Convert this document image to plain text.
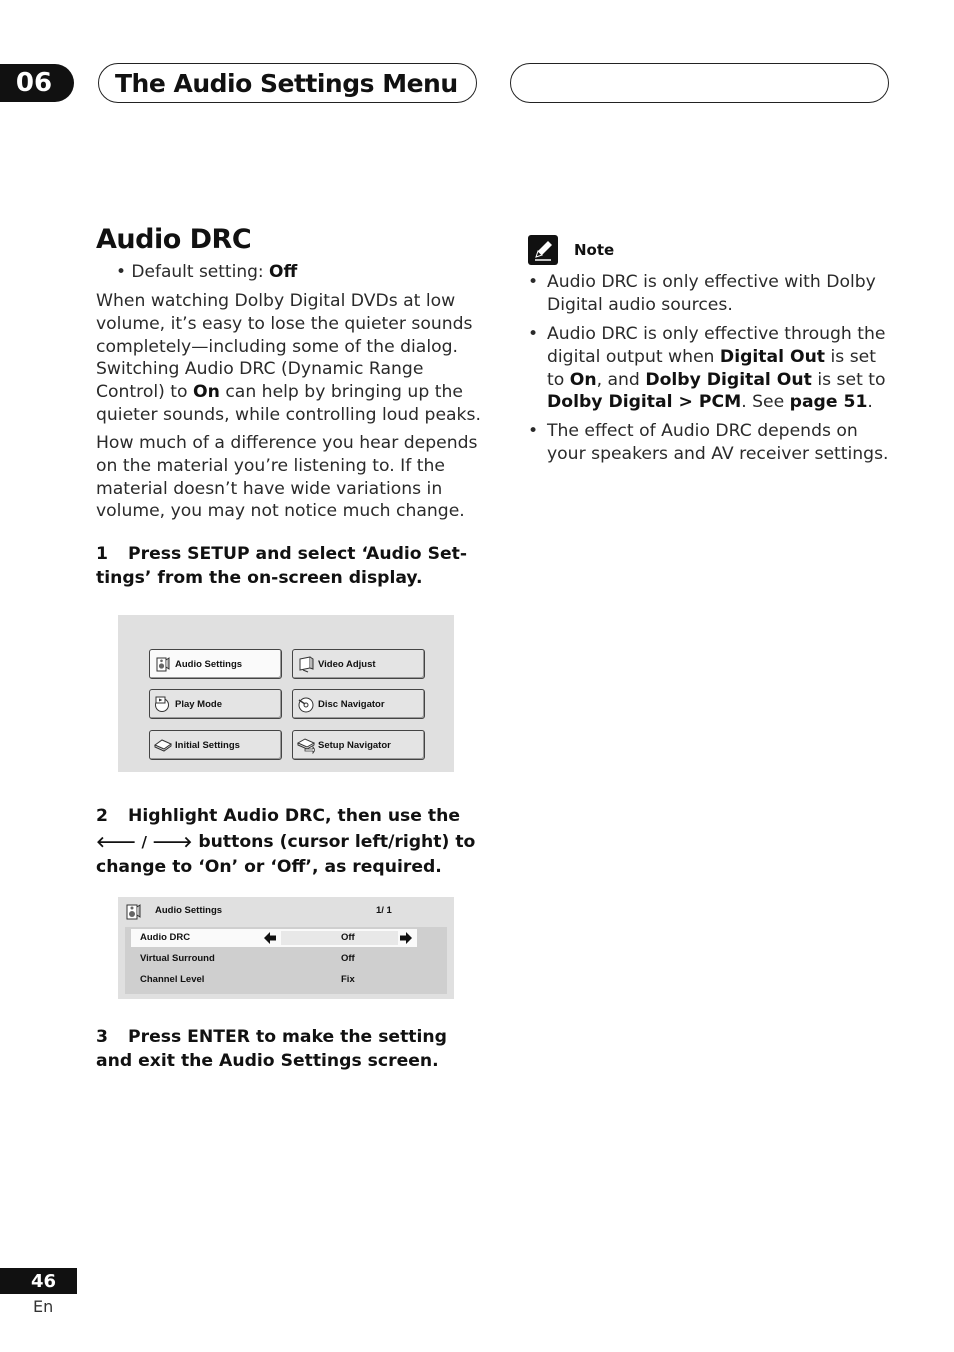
06	The Audio Settings Menu
Audio DRC
• Default setting: Off
When watching Dolby Digital DVDs at low volume, it’s easy to lose the quieter sounds completely—including some of the dialog. Switching Audio DRC (Dynamic Range Control) to On can help by bringing up the quieter sounds, while controlling loud peaks.
How much of a difference you hear depends on the material you’re listening to. If the material doesn’t have wide variations in volume, you may not notice much change.
1 Press SETUP and select ‘Audio Set-tings’ from the on-screen display.
Audio Settings	Video Adjust
Play Mode	Disc Navigator
Initial Settings	Setup Navigator
2 Highlight Audio DRC, then use the
🡐 / 🡒 buttons (cursor left/right) to change to ‘On’ or ‘Off’, as required.
Audio Settings	1/ 1
Audio DRC	Off
Virtual Surround	Off
Channel Level	Fix
3 Press ENTER to make the setting and exit the Audio Settings screen.
Note
• Audio DRC is only effective with Dolby Digital audio sources.
• Audio DRC is only effective through the digital output when Digital Out is set to On, and Dolby Digital Out is set to Dolby Digital > PCM. See page 51.
• The effect of Audio DRC depends on your speakers and AV receiver settings.
46
En
